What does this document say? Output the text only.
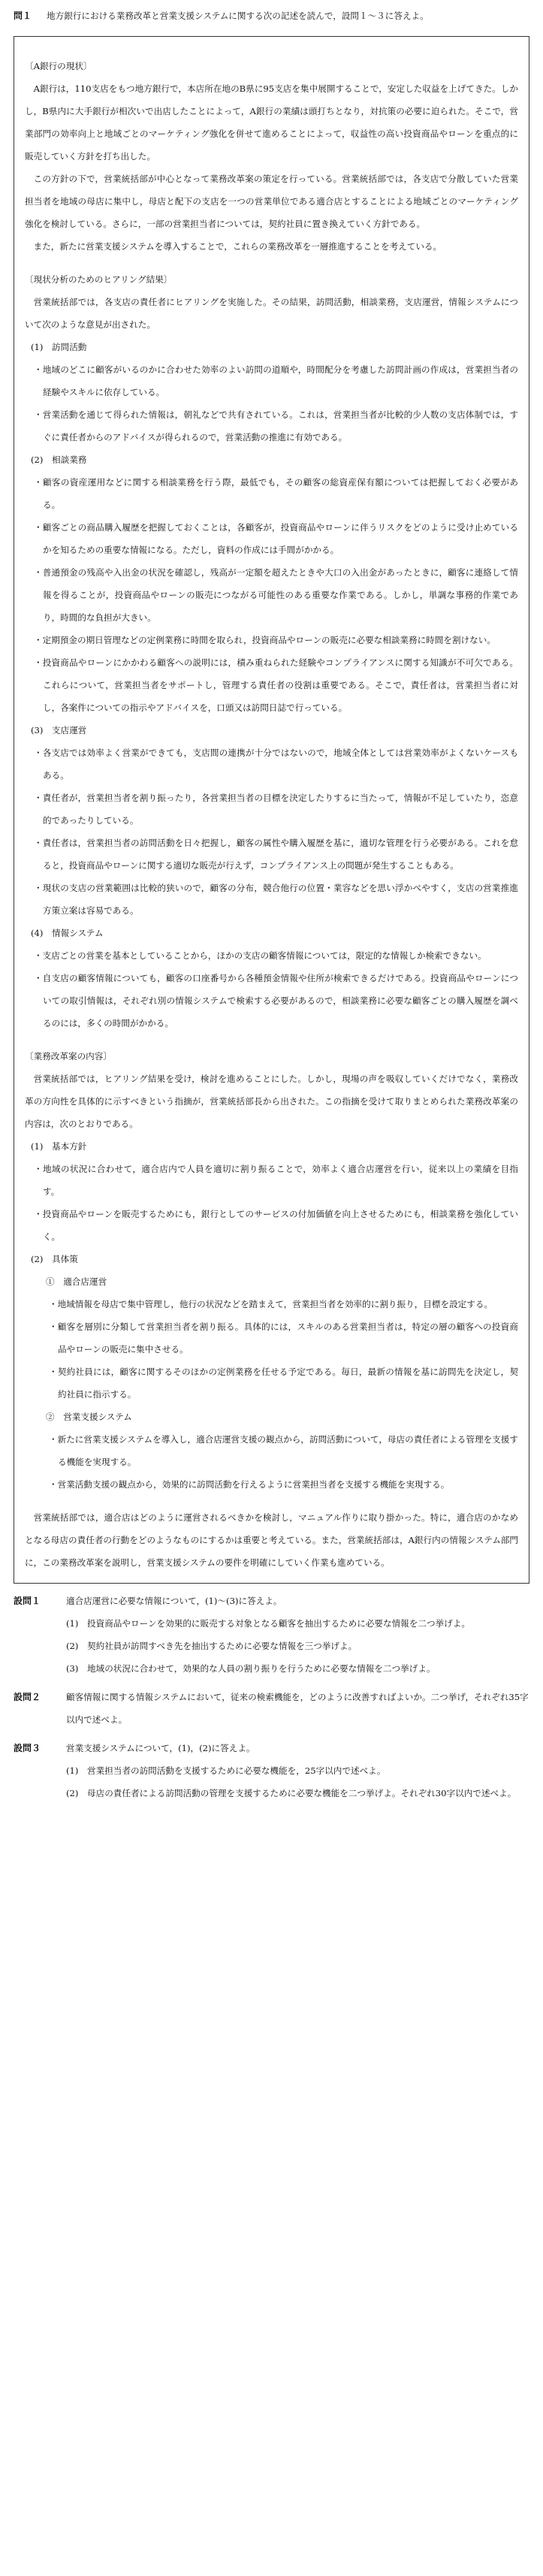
問１	地方銀行における業務改革と営業支援システムに関する次の記述を読んで，設問１〜３に答えよ。

〔A銀行の現状〕

A銀行は，110支店をもつ地方銀行で，本店所在地のB県に95支店を集中展開することで，安定した収益を上げてきた。しかし，B県内に大手銀行が相次いで出店したことによって，A銀行の業績は頭打ちとなり，対抗策の必要に迫られた。そこで，営業部門の効率向上と地域ごとのマーケティング強化を併せて進めることによって，収益性の高い投資商品やローンを重点的に販売していく方針を打ち出した。

この方針の下で，営業統括部が中心となって業務改革案の策定を行っている。営業統括部では，各支店で分散していた営業担当者を地域の母店に集中し，母店と配下の支店を一つの営業単位である適合店とすることによる地域ごとのマーケティング強化を検討している。さらに，一部の営業担当者については，契約社員に置き換えていく方針である。

また，新たに営業支援システムを導入することで，これらの業務改革を一層推進することを考えている。

〔現状分析のためのヒアリング結果〕

営業統括部では，各支店の責任者にヒアリングを実施した。その結果，訪問活動，相談業務，支店運営，情報システムについて次のような意見が出された。

(1)　訪問活動

・地域のどこに顧客がいるのかに合わせた効率のよい訪問の道順や，時間配分を考慮した訪問計画の作成は，営業担当者の経験やスキルに依存している。

・営業活動を通じて得られた情報は，朝礼などで共有されている。これは，営業担当者が比較的少人数の支店体制では，すぐに責任者からのアドバイスが得られるので，営業活動の推進に有効である。

(2)　相談業務

・顧客の資産運用などに関する相談業務を行う際，最低でも，その顧客の総資産保有額については把握しておく必要がある。

・顧客ごとの商品購入履歴を把握しておくことは，各顧客が，投資商品やローンに伴うリスクをどのように受け止めているかを知るための重要な情報になる。ただし，資料の作成には手間がかかる。

・普通預金の残高や入出金の状況を確認し，残高が一定額を超えたときや大口の入出金があったときに，顧客に連絡して情報を得ることが，投資商品やローンの販売につながる可能性のある重要な作業である。しかし，単調な事務的作業であり，時間的な負担が大きい。

・定期預金の期日管理などの定例業務に時間を取られ，投資商品やローンの販売に必要な相談業務に時間を割けない。

・投資商品やローンにかかわる顧客への説明には，積み重ねられた経験やコンプライアンスに関する知識が不可欠である。これらについて，営業担当者をサポートし，管理する責任者の役割は重要である。そこで，責任者は，営業担当者に対し，各案件についての指示やアドバイスを，口頭又は訪問日誌で行っている。

(3)　支店運営

・各支店では効率よく営業ができても，支店間の連携が十分ではないので，地域全体としては営業効率がよくないケースもある。

・責任者が，営業担当者を割り振ったり，各営業担当者の目標を決定したりするに当たって，情報が不足していたり，恣意的であったりしている。

・責任者は，営業担当者の訪問活動を日々把握し，顧客の属性や購入履歴を基に，適切な管理を行う必要がある。これを怠ると，投資商品やローンに関する適切な販売が行えず，コンプライアンス上の問題が発生することもある。

・現状の支店の営業範囲は比較的狭いので，顧客の分布，競合他行の位置・業容などを思い浮かべやすく，支店の営業推進方策立案は容易である。

(4)　情報システム

・支店ごとの営業を基本としていることから，ほかの支店の顧客情報については，限定的な情報しか検索できない。

・自支店の顧客情報についても，顧客の口座番号から各種預金情報や住所が検索できるだけである。投資商品やローンについての取引情報は，それぞれ別の情報システムで検索する必要があるので，相談業務に必要な顧客ごとの購入履歴を調べるのには，多くの時間がかかる。

〔業務改革案の内容〕

営業統括部では，ヒアリング結果を受け，検討を進めることにした。しかし，現場の声を吸収していくだけでなく，業務改革の方向性を具体的に示すべきという指摘が，営業統括部長から出された。この指摘を受けて取りまとめられた業務改革案の内容は，次のとおりである。

(1)　基本方針

・地域の状況に合わせて，適合店内で人員を適切に割り振ることで，効率よく適合店運営を行い，従来以上の業績を目指す。

・投資商品やローンを販売するためにも，銀行としてのサービスの付加価値を向上させるためにも，相談業務を強化していく。

(2)　具体策

①　適合店運営

・地域情報を母店で集中管理し，他行の状況などを踏まえて，営業担当者を効率的に割り振り，目標を設定する。

・顧客を層別に分類して営業担当者を割り振る。具体的には，スキルのある営業担当者は，特定の層の顧客への投資商品やローンの販売に集中させる。

・契約社員には，顧客に関するそのほかの定例業務を任せる予定である。毎日，最新の情報を基に訪問先を決定し，契約社員に指示する。

②　営業支援システム

・新たに営業支援システムを導入し，適合店運営支援の観点から，訪問活動について，母店の責任者による管理を支援する機能を実現する。

・営業活動支援の観点から，効果的に訪問活動を行えるように営業担当者を支援する機能を実現する。

営業統括部では，適合店はどのように運営されるべきかを検討し，マニュアル作りに取り掛かった。特に，適合店のかなめとなる母店の責任者の行動をどのようなものにするかは重要と考えている。また，営業統括部は，A銀行内の情報システム部門に，この業務改革案を説明し，営業支援システムの要件を明確にしていく作業も進めている。

設問１	適合店運営に必要な情報について，(1)〜(3)に答えよ。

(1)　投資商品やローンを効果的に販売する対象となる顧客を抽出するために必要な情報を二つ挙げよ。

(2)　契約社員が訪問すべき先を抽出するために必要な情報を三つ挙げよ。

(3)　地域の状況に合わせて，効果的な人員の割り振りを行うために必要な情報を二つ挙げよ。

設問２	顧客情報に関する情報システムにおいて，従来の検索機能を，どのように改善すればよいか。二つ挙げ，それぞれ35字以内で述べよ。
設問３	営業支援システムについて，(1)，(2)に答えよ。

(1)　営業担当者の訪問活動を支援するために必要な機能を，25字以内で述べよ。

(2)　母店の責任者による訪問活動の管理を支援するために必要な機能を二つ挙げよ。それぞれ30字以内で述べよ。
